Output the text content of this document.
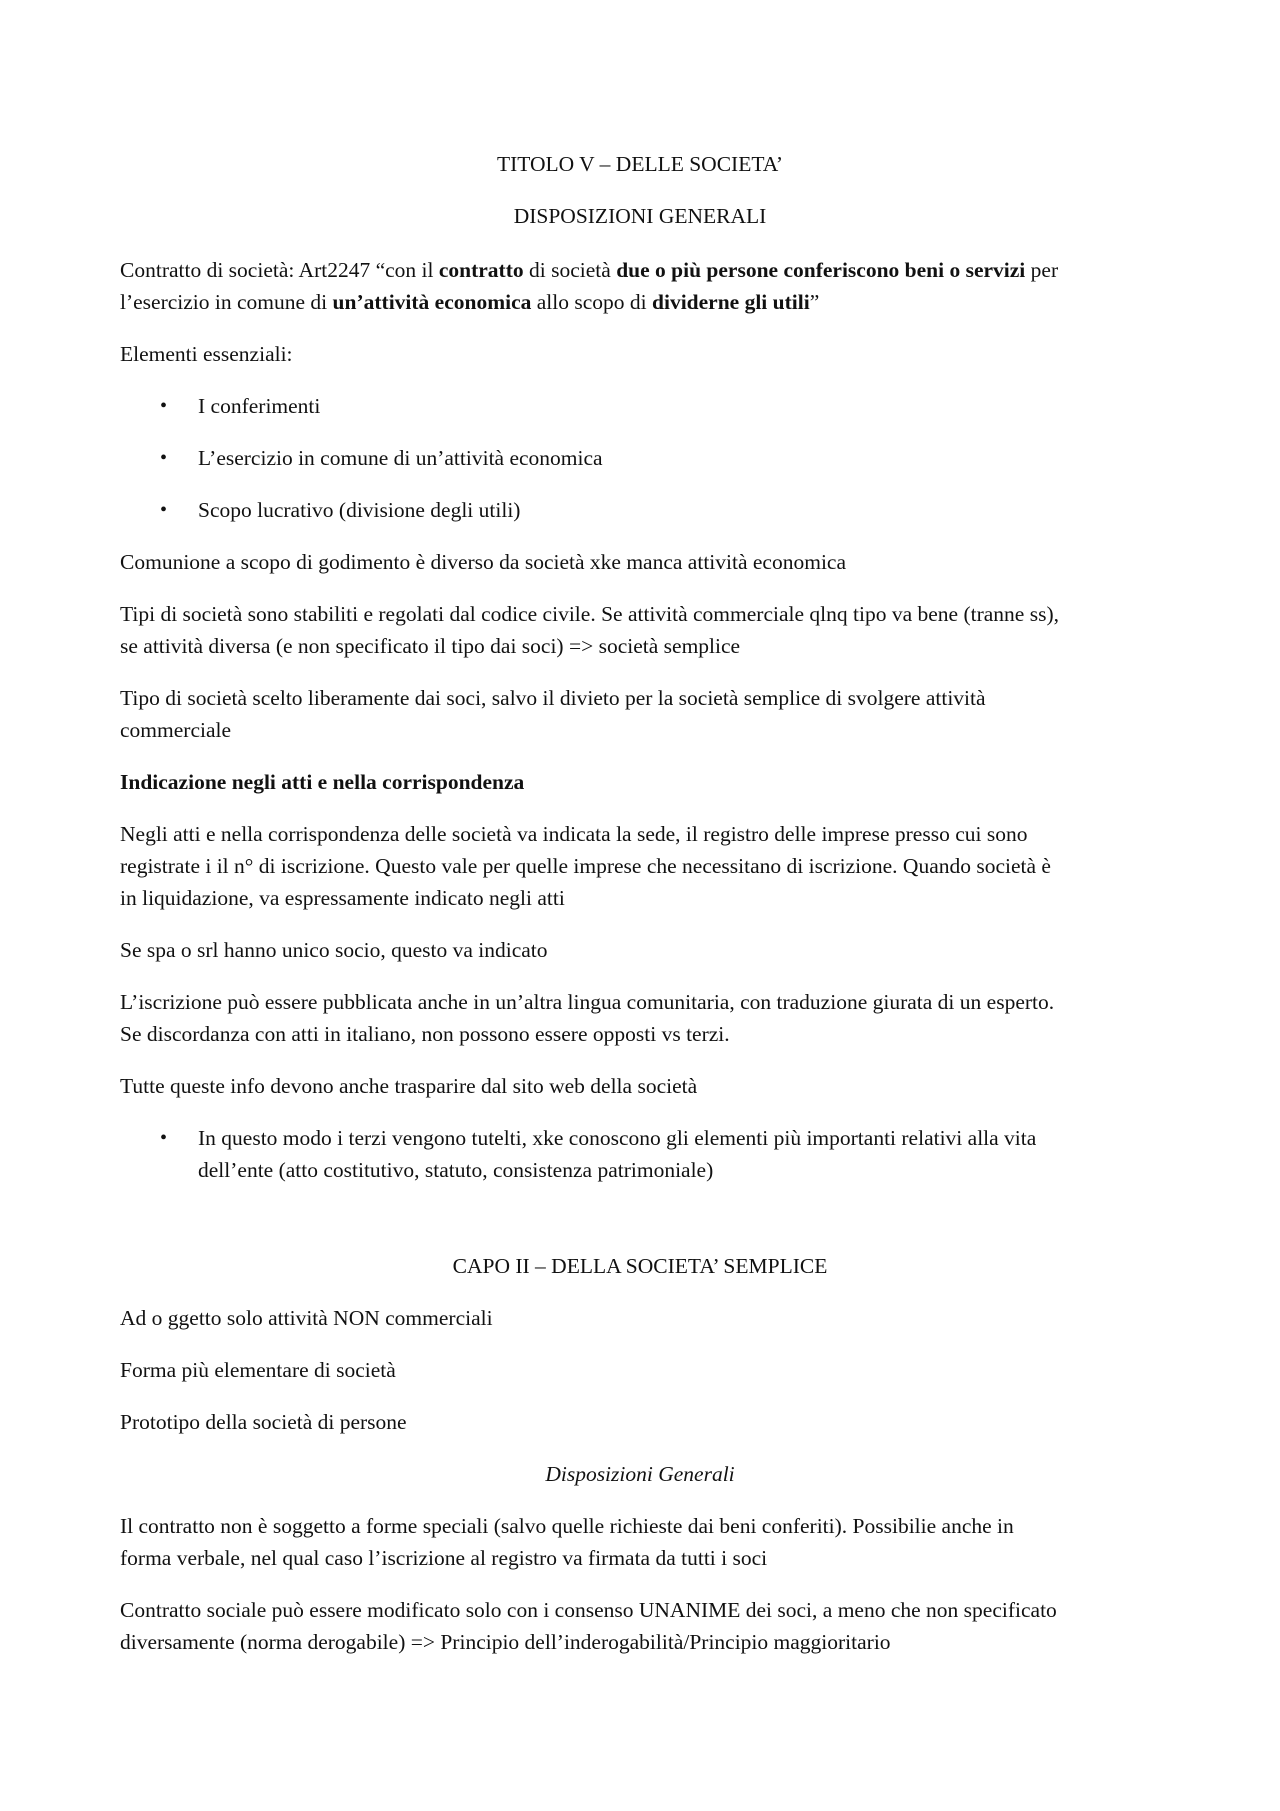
TITOLO V – DELLE SOCIETA’
DISPOSIZIONI GENERALI
Contratto di società: Art2247 “con il contratto di società due o più persone conferiscono beni o servizi per
l’esercizio in comune di un’attività economica allo scopo di dividerne gli utili”
Elementi essenziali:
• I conferimenti
• L’esercizio in comune di un’attività economica
• Scopo lucrativo (divisione degli utili)
Comunione a scopo di godimento è diverso da società xke manca attività economica
Tipi di società sono stabiliti e regolati dal codice civile. Se attività commerciale qlnq tipo va bene (tranne ss),
se attività diversa (e non specificato il tipo dai soci) => società semplice
Tipo di società scelto liberamente dai soci, salvo il divieto per la società semplice di svolgere attività
commerciale
Indicazione negli atti e nella corrispondenza
Negli atti e nella corrispondenza delle società va indicata la sede, il registro delle imprese presso cui sono
registrate i il n° di iscrizione. Questo vale per quelle imprese che necessitano di iscrizione. Quando società è
in liquidazione, va espressamente indicato negli atti
Se spa o srl hanno unico socio, questo va indicato
L’iscrizione può essere pubblicata anche in un’altra lingua comunitaria, con traduzione giurata di un esperto.
Se discordanza con atti in italiano, non possono essere opposti vs terzi.
Tutte queste info devono anche trasparire dal sito web della società
• In questo modo i terzi vengono tutelti, xke conoscono gli elementi più importanti relativi alla vita
dell’ente (atto costitutivo, statuto, consistenza patrimoniale)
CAPO II – DELLA SOCIETA’ SEMPLICE
Ad o ggetto solo attività NON commerciali
Forma più elementare di società
Prototipo della società di persone
Disposizioni Generali
Il contratto non è soggetto a forme speciali (salvo quelle richieste dai beni conferiti). Possibilie anche in
forma verbale, nel qual caso l’iscrizione al registro va firmata da tutti i soci
Contratto sociale può essere modificato solo con i consenso UNANIME dei soci, a meno che non specificato
diversamente (norma derogabile) => Principio dell’inderogabilità/Principio maggioritario
